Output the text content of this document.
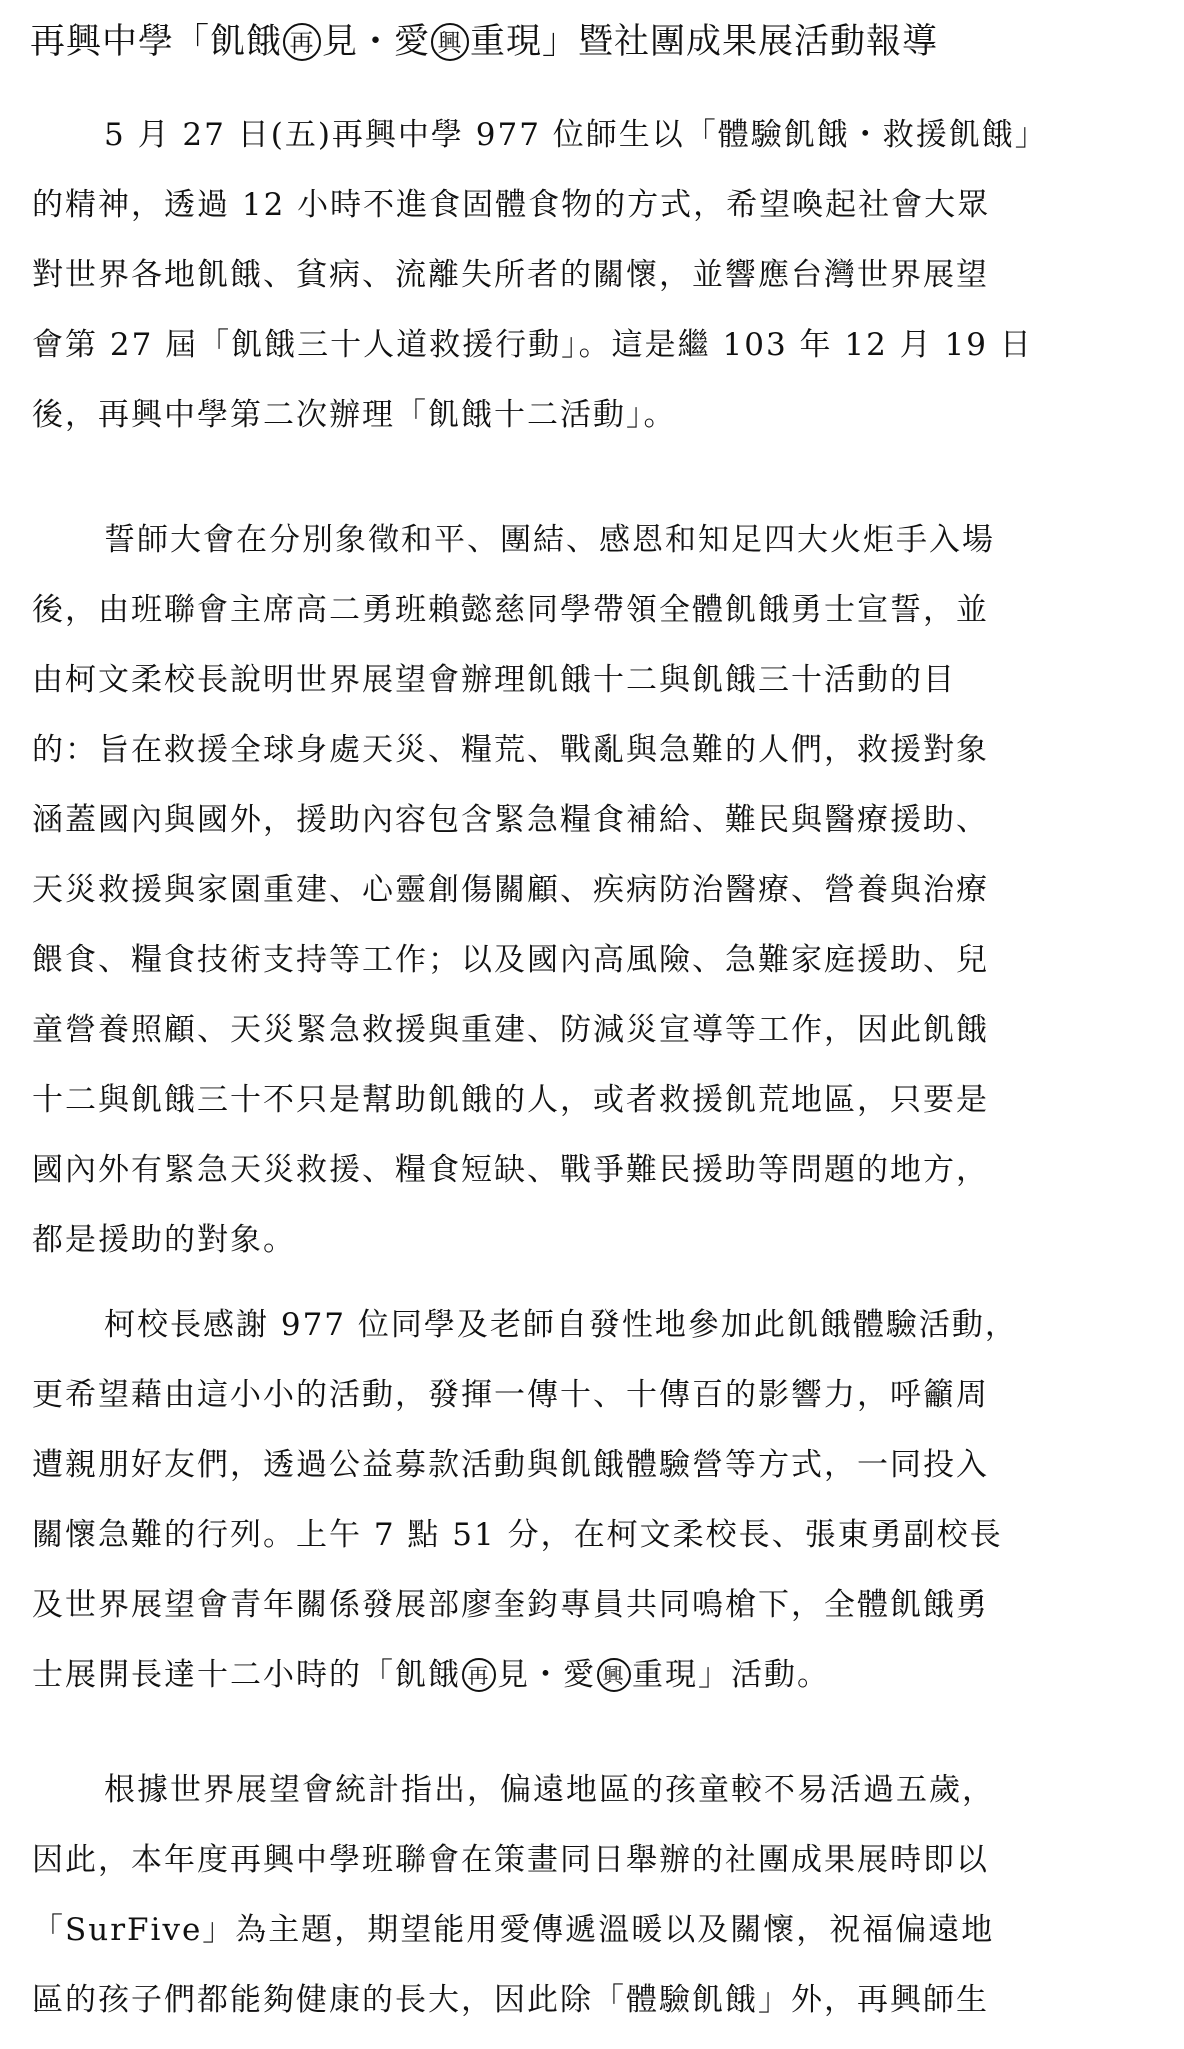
再興中學「飢餓 再 見・愛 興 重現」暨社團成果展活動報導
5 月 27 日(五)再興中學 977 位師生以「體驗飢餓・救援飢餓」
的精神，透過 12 小時不進食固體食物的方式，希望喚起社會大眾
對世界各地飢餓、貧病、流離失所者的關懷，並響應台灣世界展望
會第 27 屆「飢餓三十人道救援行動」。這是繼 103 年 12 月 19 日
後，再興中學第二次辦理「飢餓十二活動」。
誓師大會在分別象徵和平、團結、感恩和知足四大火炬手入場
後，由班聯會主席高二勇班賴懿慈同學帶領全體飢餓勇士宣誓，並
由柯文柔校長說明世界展望會辦理飢餓十二與飢餓三十活動的目
的：旨在救援全球身處天災、糧荒、戰亂與急難的人們，救援對象
涵蓋國內與國外，援助內容包含緊急糧食補給、難民與醫療援助、
天災救援與家園重建、心靈創傷關顧、疾病防治醫療、營養與治療
餵食、糧食技術支持等工作；以及國內高風險、急難家庭援助、兒
童營養照顧、天災緊急救援與重建、防減災宣導等工作，因此飢餓
十二與飢餓三十不只是幫助飢餓的人，或者救援飢荒地區，只要是
國內外有緊急天災救援、糧食短缺、戰爭難民援助等問題的地方，
都是援助的對象。
柯校長感謝 977 位同學及老師自發性地參加此飢餓體驗活動，
更希望藉由這小小的活動，發揮一傳十、十傳百的影響力，呼籲周
遭親朋好友們，透過公益募款活動與飢餓體驗營等方式，一同投入
關懷急難的行列。上午 7 點 51 分，在柯文柔校長、張東勇副校長
及世界展望會青年關係發展部廖奎鈞專員共同鳴槍下，全體飢餓勇
士展開長達十二小時的「飢餓 再 見・愛 興 重現」活動。
根據世界展望會統計指出，偏遠地區的孩童較不易活過五歲，
因此，本年度再興中學班聯會在策畫同日舉辦的社團成果展時即以
「SurFive」為主題，期望能用愛傳遞溫暖以及關懷，祝福偏遠地
區的孩子們都能夠健康的長大，因此除「體驗飢餓」外，再興師生
